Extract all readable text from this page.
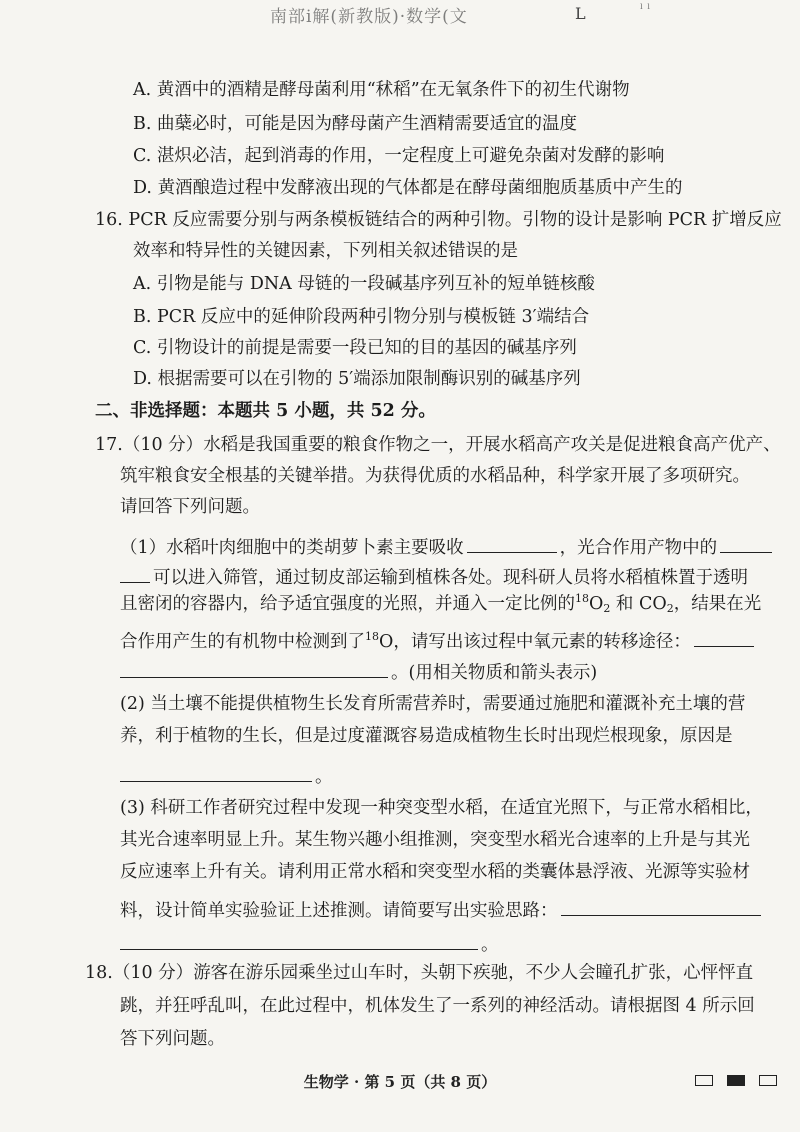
南部i解(新教版)·数学(文	L	ˡ ˡ
A. 黄酒中的酒精是酵母菌利用“秫稻”在无氧条件下的初生代谢物
B. 曲蘖必时，可能是因为酵母菌产生酒精需要适宜的温度
C. 湛炽必洁，起到消毒的作用，一定程度上可避免杂菌对发酵的影响
D. 黄酒酿造过程中发酵液出现的气体都是在酵母菌细胞质基质中产生的
16. PCR 反应需要分别与两条模板链结合的两种引物。引物的设计是影响 PCR 扩增反应
效率和特异性的关键因素，下列相关叙述错误的是
A. 引物是能与 DNA 母链的一段碱基序列互补的短单链核酸
B. PCR 反应中的延伸阶段两种引物分别与模板链 3′端结合
C. 引物设计的前提是需要一段已知的目的基因的碱基序列
D. 根据需要可以在引物的 5′端添加限制酶识别的碱基序列
二、非选择题：本题共 5 小题，共 52 分。
17.（10 分）水稻是我国重要的粮食作物之一，开展水稻高产攻关是促进粮食高产优产、
筑牢粮食安全根基的关键举措。为获得优质的水稻品种，科学家开展了多项研究。
请回答下列问题。
（1）水稻叶肉细胞中的类胡萝卜素主要吸收	，光合作用产物中的
可以进入筛管，通过韧皮部运输到植株各处。现科研人员将水稻植株置于透明
且密闭的容器内，给予适宜强度的光照，并通入一定比例的$^{18}O_2$ 和 $CO_2$，结果在光
合作用产生的有机物中检测到了$^{18}$O，请写出该过程中氧元素的转移途径：
。(用相关物质和箭头表示)
(2) 当土壤不能提供植物生长发育所需营养时，需要通过施肥和灌溉补充土壤的营
养，利于植物的生长，但是过度灌溉容易造成植物生长时出现烂根现象，原因是
。
(3) 科研工作者研究过程中发现一种突变型水稻，在适宜光照下，与正常水稻相比，
其光合速率明显上升。某生物兴趣小组推测，突变型水稻光合速率的上升是与其光
反应速率上升有关。请利用正常水稻和突变型水稻的类囊体悬浮液、光源等实验材
料，设计简单实验验证上述推测。请简要写出实验思路：
。
18.（10 分）游客在游乐园乘坐过山车时，头朝下疾驰，不少人会瞳孔扩张，心怦怦直
跳，并狂呼乱叫，在此过程中，机体发生了一系列的神经活动。请根据图 4 所示回
答下列问题。
生物学 · 第 5 页（共 8 页）
